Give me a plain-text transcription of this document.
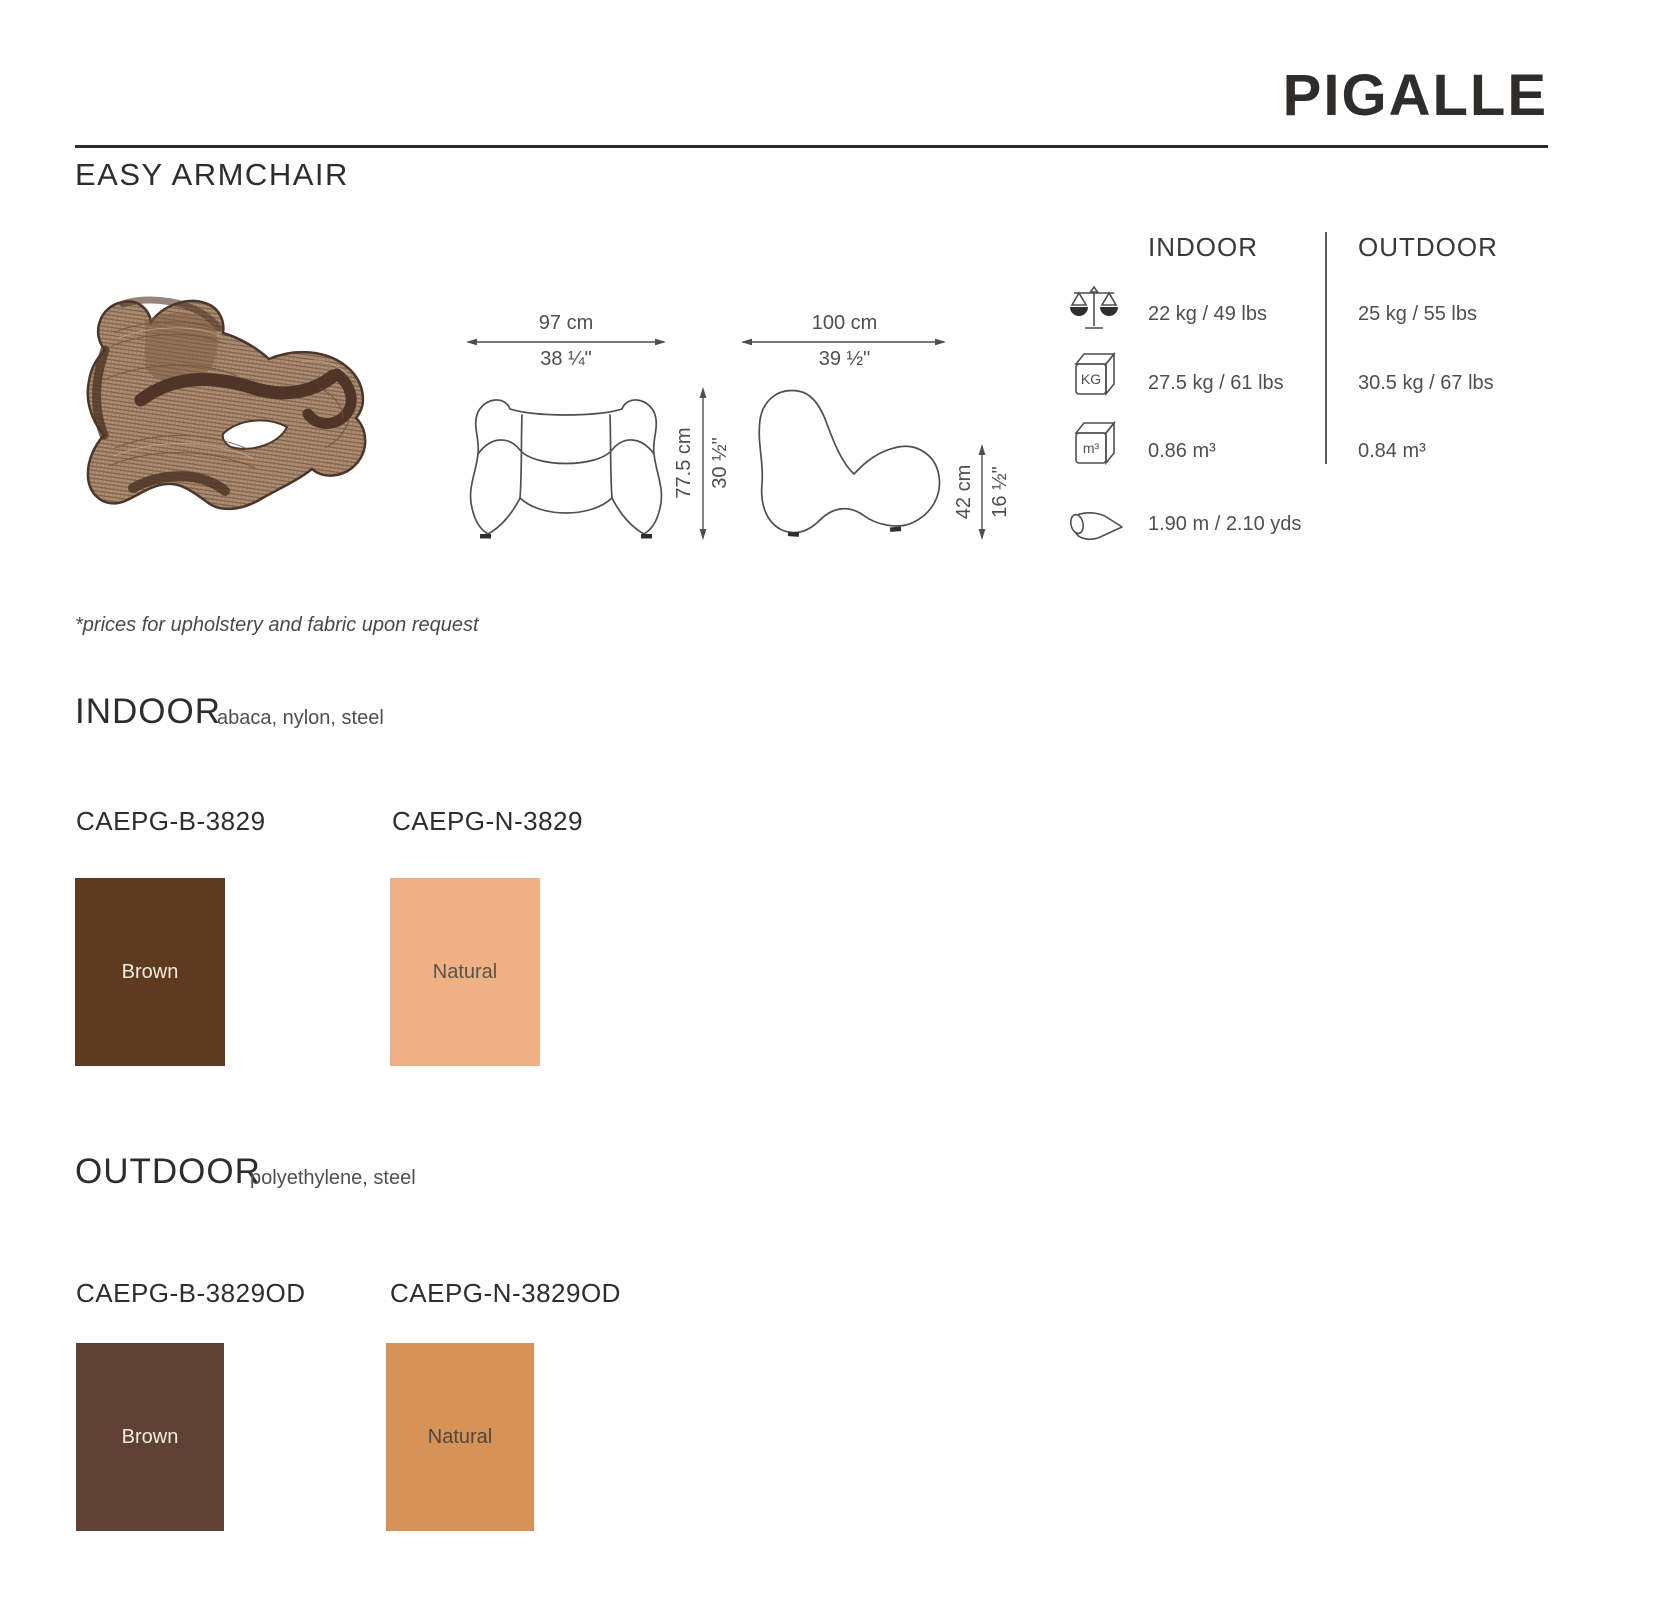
PIGALLE
EASY ARMCHAIR
97 cm
38 ¼"
77.5 cm 30 ½"
100 cm
39 ½"
42 cm 16 ½"
INDOOR	OUTDOOR
22 kg / 49 lbs	25 kg / 55 lbs
KG 27.5 kg / 61 lbs	30.5 kg / 67 lbs
m³ 0.86 m³	0.84 m³
1.90 m / 2.10 yds
*prices for upholstery and fabric upon request
INDOOR
abaca, nylon, steel
CAEPG-B-3829	CAEPG-N-3829
Brown	Natural
OUTDOOR
polyethylene, steel
CAEPG-B-3829OD	CAEPG-N-3829OD
Brown	Natural
